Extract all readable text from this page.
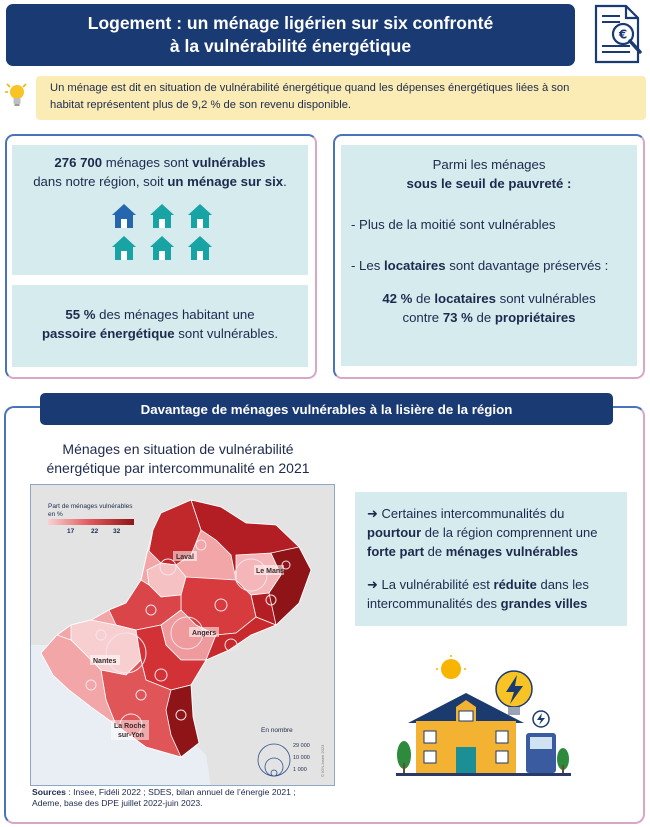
Logement : un ménage ligérien sur six confronté
à la vulnérabilité énergétique
€
Un ménage est dit en situation de vulnérabilité énergétique quand les dépenses énergétiques liées à son
habitat représentent plus de 9,2 % de son revenu disponible.
276 700 ménages sont vulnérables
dans notre région, soit un ménage sur six.
55 % des ménages habitant une
passoire énergétique sont vulnérables.
Parmi les ménages
sous le seuil de pauvreté :
- Plus de la moitié sont vulnérables
- Les locataires sont davantage préservés :
42 % de locataires sont vulnérables
contre 73 % de propriétaires
Davantage de ménages vulnérables à la lisière de la région
Ménages en situation de vulnérabilité
énergétique par intercommunalité en 2021
Part de ménages vulnérables
en %
17	22 32
Laval
Le Mans
Angers
Nantes
La Roche
sur-Yon
En nombre
29 000
10 000
1 000	© IGN-Insee 2023
Sources : Insee, Fidéli 2022 ; SDES, bilan annuel de l’énergie 2021 ;
Ademe, base des DPE juillet 2022-juin 2023.
➜ Certaines intercommunalités du
pourtour de la région comprennent une
forte part de ménages vulnérables
➜ La vulnérabilité est réduite dans les
intercommunalités des grandes villes
